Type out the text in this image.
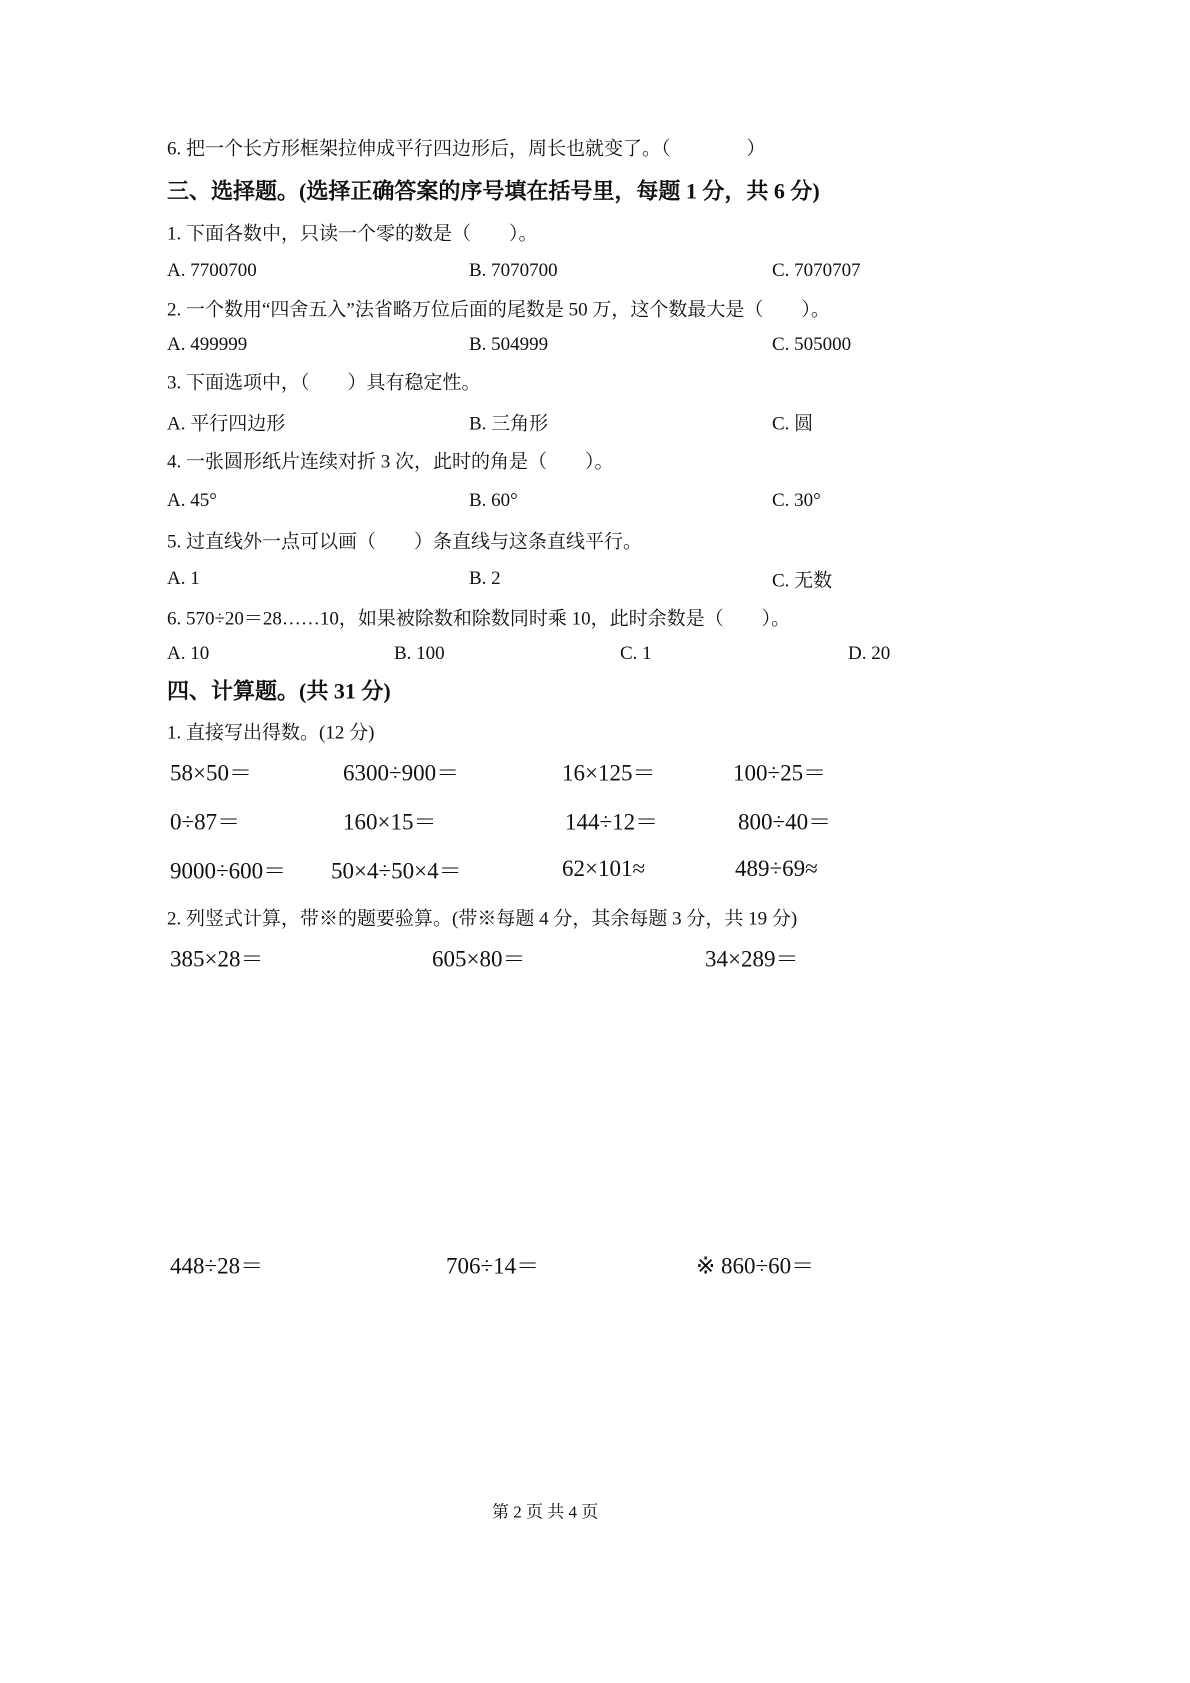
6. 把一个长方形框架拉伸成平行四边形后，周长也就变了。（　　　　）
三、选择题。(选择正确答案的序号填在括号里，每题 1 分，共 6 分)
1. 下面各数中，只读一个零的数是（　　）。
A. 7700700	B. 7070700	C. 7070707
2. 一个数用“四舍五入”法省略万位后面的尾数是 50 万，这个数最大是（　　）。
A. 499999	B. 504999	C. 505000
3. 下面选项中，（　　）具有稳定性。
A. 平行四边形	B. 三角形	C. 圆
4. 一张圆形纸片连续对折 3 次，此时的角是（　　）。
A. 45°	B. 60°	C. 30°
5. 过直线外一点可以画（　　）条直线与这条直线平行。
A. 1	B. 2	C. 无数
6. 570÷20＝28……10，如果被除数和除数同时乘 10，此时余数是（　　）。
A. 10	B. 100	C. 1	D. 20
四、计算题。(共 31 分)
1. 直接写出得数。(12 分)
58×50＝	6300÷900＝	16×125＝	100÷25＝
0÷87＝	160×15＝	144÷12＝	800÷40＝
9000÷600＝ 50×4÷50×4＝	62×101≈	489÷69≈
2. 列竖式计算，带※的题要验算。(带※每题 4 分，其余每题 3 分，共 19 分)
385×28＝	605×80＝	34×289＝
448÷28＝	706÷14＝	※ 860÷60＝
第 2 页 共 4 页
